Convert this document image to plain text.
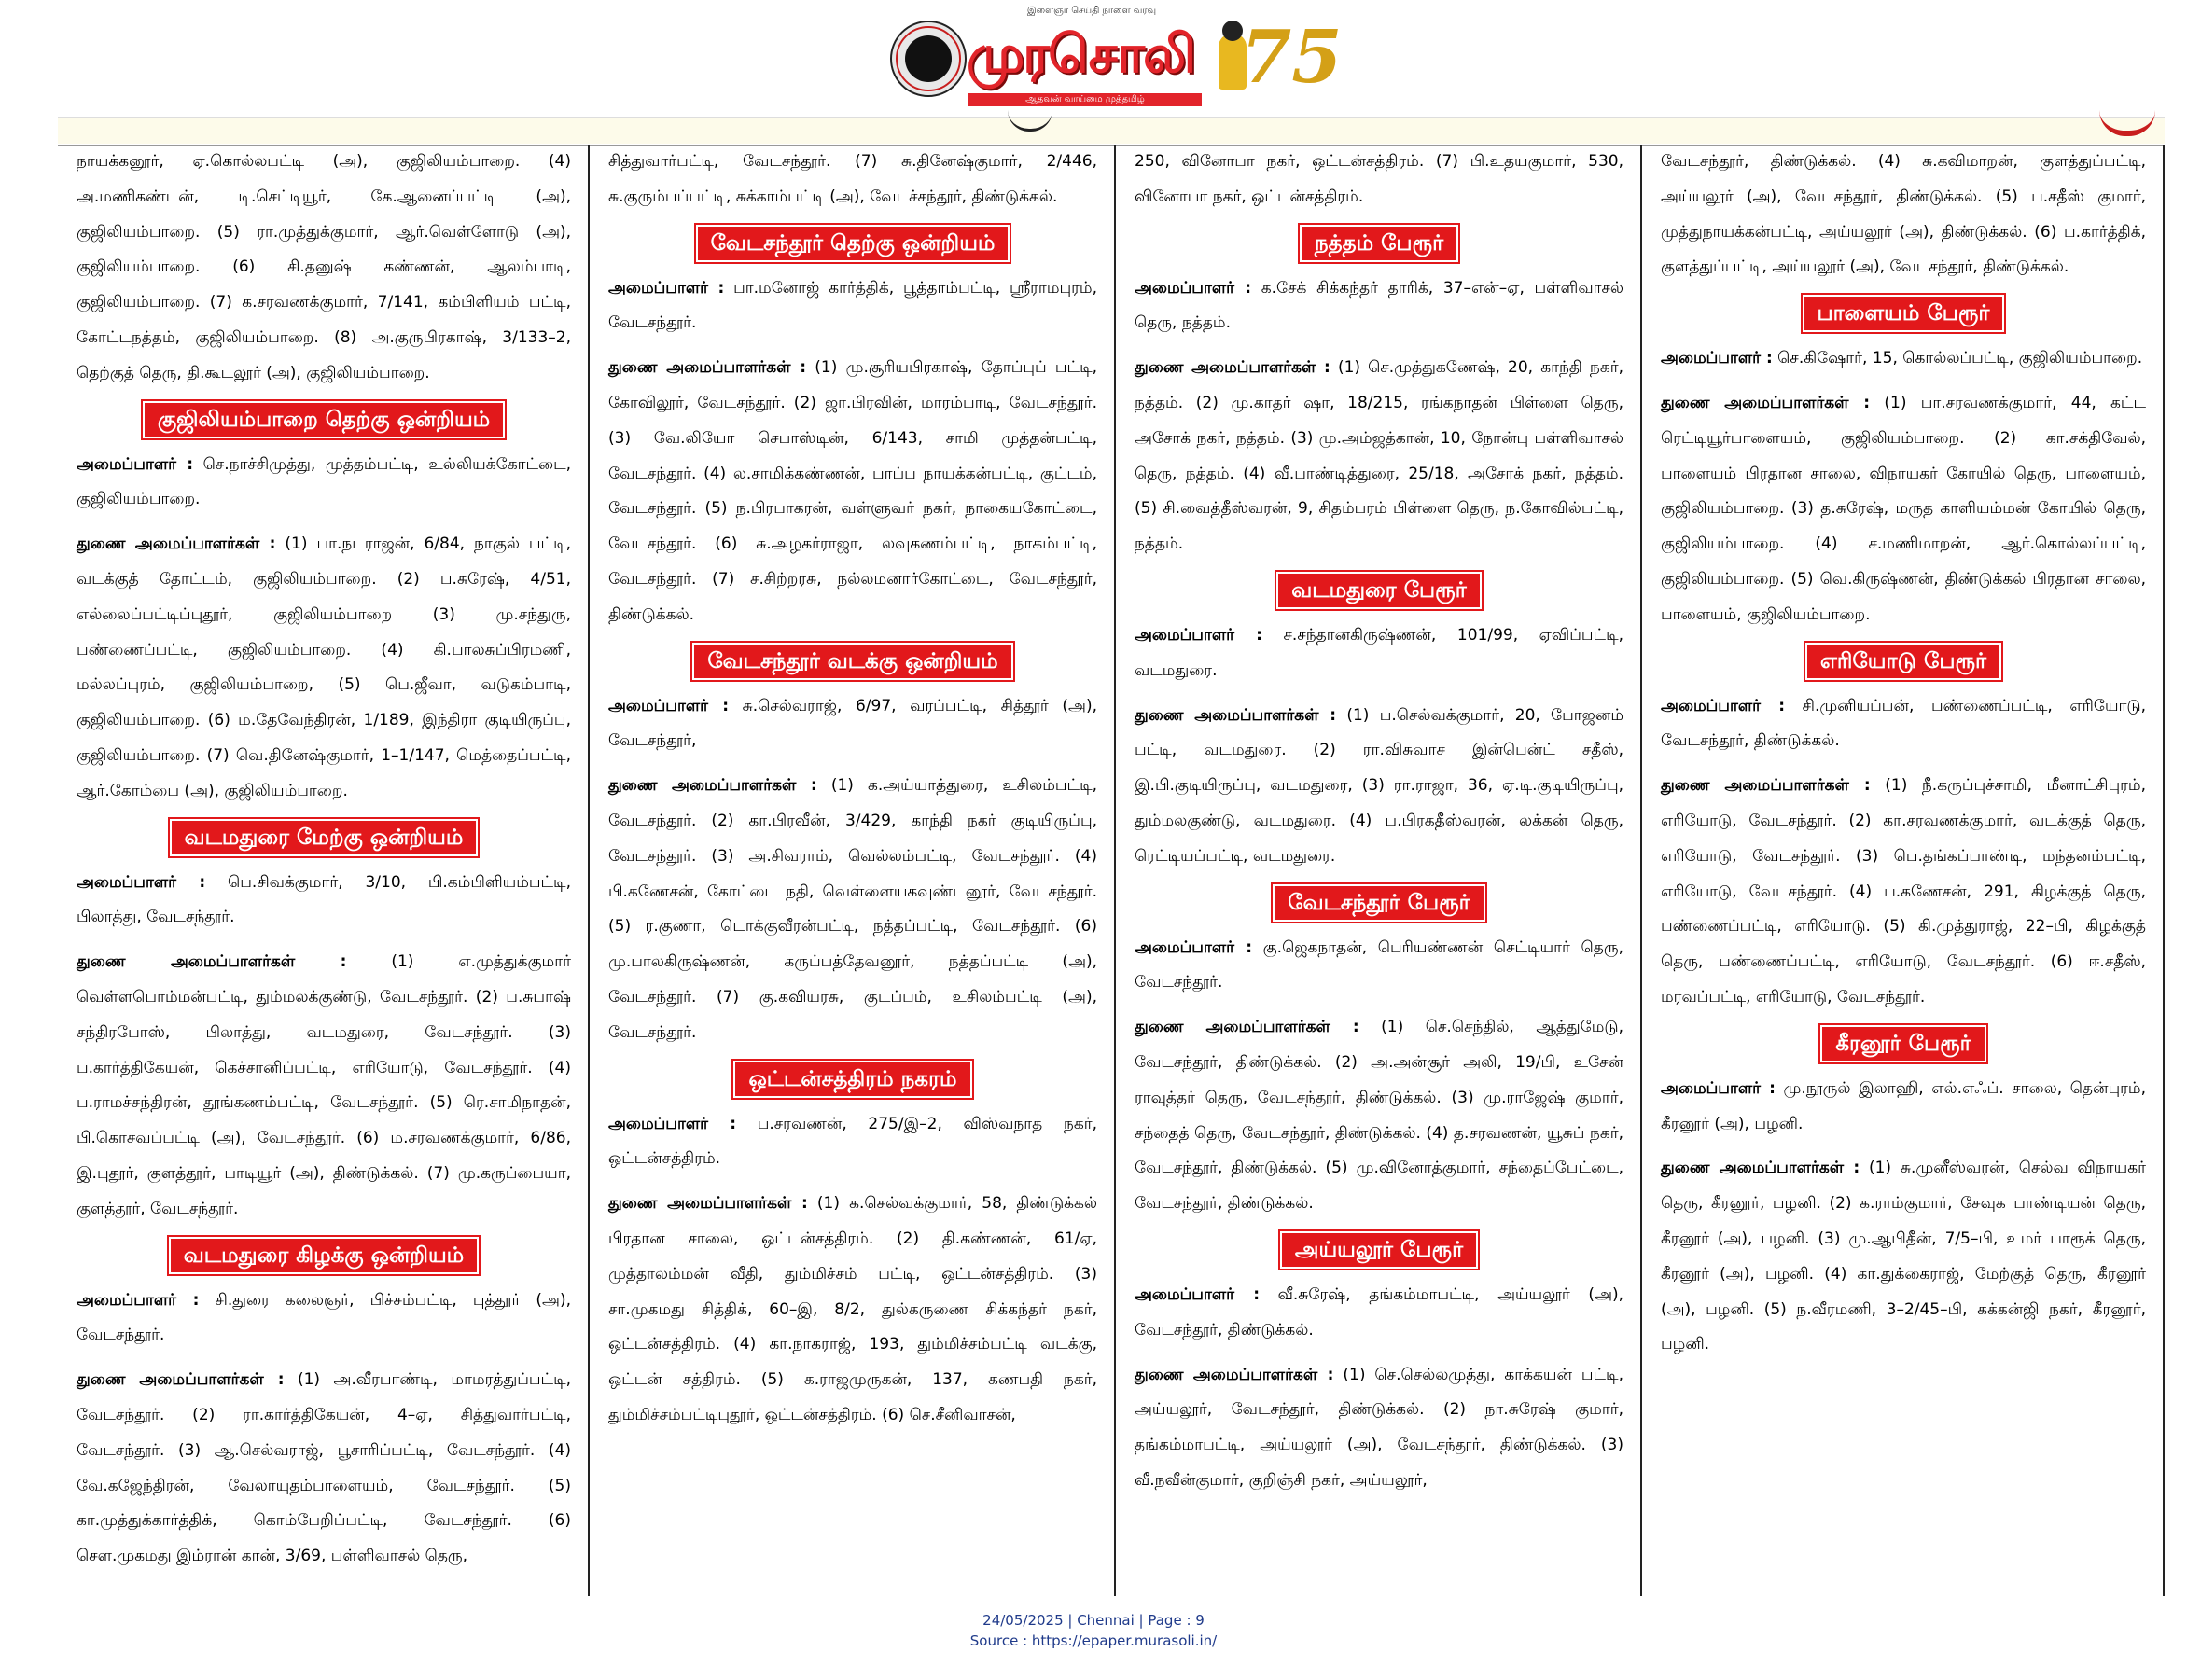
இளைஞர் செய்தி நாளை வரவு
முரசொலி
ஆதவன் வாய்மை முத்தமிழ்	75

நாயக்கனூர், ஏ.கொல்லபட்டி (அ), குஜிலியம்பாறை. (4) அ.மணிகண்டன், டி.செட்டியூர், கே.ஆனைப்பட்டி (அ), குஜிலியம்பாறை. (5) ரா.முத்துக்குமார், ஆர்.வெள்ளோடு (அ), குஜிலியம்பாறை. (6) சி.தனுஷ் கண்ணன், ஆலம்பாடி, குஜிலியம்பாறை. (7) க.சரவணக்குமார், 7/141, கம்பிளியம் பட்டி, கோட்டநத்தம், குஜிலியம்பாறை. (8) அ.குருபிரகாஷ், 3/133–2, தெற்குத் தெரு, தி.கூடலூர் (அ), குஜிலியம்பாறை.

குஜிலியம்பாறை தெற்கு ஒன்றியம்

அமைப்பாளர் : செ.நாச்சிமுத்து, முத்தம்பட்டி, உல்லியக்கோட்டை, குஜிலியம்பாறை.

துணை அமைப்பாளர்கள் : (1) பா.நடராஜன், 6/84, நாகுல் பட்டி, வடக்குத் தோட்டம், குஜிலியம்பாறை. (2) ப.சுரேஷ், 4/51, எல்லைப்பட்டிப்புதூர், குஜிலியம்பாறை (3) மு.சந்துரு, பண்ணைப்பட்டி, குஜிலியம்பாறை. (4) கி.பாலசுப்பிரமணி, மல்லப்புரம், குஜிலியம்பாறை, (5) பெ.ஜீவா, வடுகம்பாடி, குஜிலியம்பாறை. (6) ம.தேவேந்திரன், 1/189, இந்திரா குடியிருப்பு, குஜிலியம்பாறை. (7) வெ.தினேஷ்குமார், 1–1/147, மெத்தைப்பட்டி, ஆர்.கோம்பை (அ), குஜிலியம்பாறை.

வடமதுரை மேற்கு ஒன்றியம்

அமைப்பாளர் : பெ.சிவக்குமார், 3/10, பி.கம்பிளியம்பட்டி, பிலாத்து, வேடசந்தூர்.

துணை அமைப்பாளர்கள் : (1) எ.முத்துக்குமார் வெள்ளபொம்மன்பட்டி, தும்மலக்குண்டு, வேடசந்தூர். (2) ப.சுபாஷ் சந்திரபோஸ், பிலாத்து, வடமதுரை, வேடசந்தூர். (3) ப.கார்த்திகேயன், கெச்சானிப்பட்டி, எரியோடு, வேடசந்தூர். (4) ப.ராமச்சந்திரன், தூங்கணம்பட்டி, வேடசந்தூர். (5) ரெ.சாமிநாதன், பி.கொசவப்பட்டி (அ), வேடசந்தூர். (6) ம.சரவணக்குமார், 6/86, இ.புதூர், குளத்தூர், பாடியூர் (அ), திண்டுக்கல். (7) மு.கருப்பையா, குளத்தூர், வேடசந்தூர்.

வடமதுரை கிழக்கு ஒன்றியம்

அமைப்பாளர் : சி.துரை கலைஞர், பிச்சம்பட்டி, புத்தூர் (அ), வேடசந்தூர்.

துணை அமைப்பாளர்கள் : (1) அ.வீரபாண்டி, மாமரத்துப்பட்டி, வேடசந்தூர். (2) ரா.கார்த்திகேயன், 4–ஏ, சித்துவார்பட்டி, வேடசந்தூர். (3) ஆ.செல்வராஜ், பூசாரிப்பட்டி, வேடசந்தூர். (4) வே.கஜேந்திரன், வேலாயுதம்பாளையம், வேடசந்தூர். (5) கா.முத்துக்கார்த்திக், கொம்பேறிப்பட்டி, வேடசந்தூர். (6) சௌ.முகமது இம்ரான் கான், 3/69, பள்ளிவாசல் தெரு,

சித்துவார்பட்டி, வேடசந்தூர். (7) சு.தினேஷ்குமார், 2/446, சு.குரும்பப்பட்டி, சுக்காம்பட்டி (அ), வேடச்சந்தூர், திண்டுக்கல்.

வேடசந்தூர் தெற்கு ஒன்றியம்

அமைப்பாளர் : பா.மனோஜ் கார்த்திக், பூத்தாம்பட்டி, ஸ்ரீராமபுரம், வேடசந்தூர்.

துணை அமைப்பாளர்கள் : (1) மு.சூரியபிரகாஷ், தோப்புப் பட்டி, கோவிலூர், வேடசந்தூர். (2) ஜா.பிரவின், மாரம்பாடி, வேடசந்தூர். (3) வே.லியோ செபாஸ்டின், 6/143, சாமி முத்தன்பட்டி, வேடசந்தூர். (4) ல.சாமிக்கண்ணன், பாப்ப நாயக்கன்பட்டி, குட்டம், வேடசந்தூர். (5) ந.பிரபாகரன், வள்ளுவர் நகர், நாகையகோட்டை, வேடசந்தூர். (6) சு.அழகர்ராஜா, லவுகணம்பட்டி, நாகம்பட்டி, வேடசந்தூர். (7) ச.சிற்றரசு, நல்லமனார்கோட்டை, வேடசந்தூர், திண்டுக்கல்.

வேடசந்தூர் வடக்கு ஒன்றியம்

அமைப்பாளர் : சு.செல்வராஜ், 6/97, வரப்பட்டி, சித்தூர் (அ), வேடசந்தூர்,

துணை அமைப்பாளர்கள் : (1) க.அய்யாத்துரை, உசிலம்பட்டி, வேடசந்தூர். (2) கா.பிரவீன், 3/429, காந்தி நகர் குடியிருப்பு, வேடசந்தூர். (3) அ.சிவராம், வெல்லம்பட்டி, வேடசந்தூர். (4) பி.கணேசன், கோட்டை நதி, வெள்ளையகவுண்டனூர், வேடசந்தூர். (5) ர.குணா, டொக்குவீரன்பட்டி, நத்தப்பட்டி, வேடசந்தூர். (6) மு.பாலகிருஷ்ணன், கருப்பத்தேவனூர், நத்தப்பட்டி (அ), வேடசந்தூர். (7) கு.கவியரசு, குடப்பம், உசிலம்பட்டி (அ), வேடசந்தூர்.

ஒட்டன்சத்திரம் நகரம்

அமைப்பாளர் : ப.சரவணன், 275/இ–2, விஸ்வநாத நகர், ஒட்டன்சத்திரம்.

துணை அமைப்பாளர்கள் : (1) க.செல்வக்குமார், 58, திண்டுக்கல் பிரதான சாலை, ஒட்டன்சத்திரம். (2) தி.கண்ணன், 61/ஏ, முத்தாலம்மன் வீதி, தும்மிச்சம் பட்டி, ஒட்டன்சத்திரம். (3) சா.முகமது சித்திக், 60–இ, 8/2, துல்கருணை சிக்கந்தர் நகர், ஒட்டன்சத்திரம். (4) கா.நாகராஜ், 193, தும்மிச்சம்பட்டி வடக்கு, ஒட்டன் சத்திரம். (5) க.ராஜமுருகன், 137, கணபதி நகர், தும்மிச்சம்பட்டிபுதூர், ஒட்டன்சத்திரம். (6) செ.சீனிவாசன்,

250, வினோபா நகர், ஒட்டன்சத்திரம். (7) பி.உதயகுமார், 530, வினோபா நகர், ஒட்டன்சத்திரம்.

நத்தம் பேரூர்

அமைப்பாளர் : க.சேக் சிக்கந்தர் தாரிக், 37–என்–ஏ, பள்ளிவாசல் தெரு, நத்தம்.

துணை அமைப்பாளர்கள் : (1) செ.முத்துகணேஷ், 20, காந்தி நகர், நத்தம். (2) மு.காதர் ஷா, 18/215, ரங்கநாதன் பிள்ளை தெரு, அசோக் நகர், நத்தம். (3) மு.அம்ஜத்கான், 10, நோன்பு பள்ளிவாசல் தெரு, நத்தம். (4) வீ.பாண்டித்துரை, 25/18, அசோக் நகர், நத்தம். (5) சி.வைத்தீஸ்வரன், 9, சிதம்பரம் பிள்ளை தெரு, ந.கோவில்பட்டி, நத்தம்.

வடமதுரை பேரூர்

அமைப்பாளர் : ச.சந்தானகிருஷ்ணன், 101/99, ஏவிப்பட்டி, வடமதுரை.

துணை அமைப்பாளர்கள் : (1) ப.செல்வக்குமார், 20, போஜனம் பட்டி, வடமதுரை. (2) ரா.விசுவாச இன்பென்ட் சதீஸ், இ.பி.குடியிருப்பு, வடமதுரை, (3) ரா.ராஜா, 36, ஏ.டி.குடியிருப்பு, தும்மலகுண்டு, வடமதுரை. (4) ப.பிரகதீஸ்வரன், லக்கன் தெரு, ரெட்டியப்பட்டி, வடமதுரை.

வேடசந்தூர் பேரூர்

அமைப்பாளர் : கு.ஜெகநாதன், பெரியண்ணன் செட்டியார் தெரு, வேடசந்தூர்.

துணை அமைப்பாளர்கள் : (1) செ.செந்தில், ஆத்துமேடு, வேடசந்தூர், திண்டுக்கல். (2) அ.அன்சூர் அலி, 19/பி, உசேன் ராவுத்தர் தெரு, வேடசந்தூர், திண்டுக்கல். (3) மு.ராஜேஷ் குமார், சந்தைத் தெரு, வேடசந்தூர், திண்டுக்கல். (4) த.சரவணன், யூசுப் நகர், வேடசந்தூர், திண்டுக்கல். (5) மு.வினோத்குமார், சந்தைப்பேட்டை, வேடசந்தூர், திண்டுக்கல்.

அய்யலூர் பேரூர்

அமைப்பாளர் : வீ.சுரேஷ், தங்கம்மாபட்டி, அய்யலூர் (அ), வேடசந்தூர், திண்டுக்கல்.

துணை அமைப்பாளர்கள் : (1) செ.செல்லமுத்து, காக்கயன் பட்டி, அய்யலூர், வேடசந்தூர், திண்டுக்கல். (2) நா.சுரேஷ் குமார், தங்கம்மாபட்டி, அய்யலூர் (அ), வேடசந்தூர், திண்டுக்கல். (3) வீ.நவீன்குமார், குறிஞ்சி நகர், அய்யலூர்,

வேடசந்தூர், திண்டுக்கல். (4) சு.கவிமாறன், குளத்துப்பட்டி, அய்யலூர் (அ), வேடசந்தூர், திண்டுக்கல். (5) ப.சதீஸ் குமார், முத்துநாயக்கன்பட்டி, அய்யலூர் (அ), திண்டுக்கல். (6) ப.கார்த்திக், குளத்துப்பட்டி, அய்யலூர் (அ), வேடசந்தூர், திண்டுக்கல்.

பாளையம் பேரூர்

அமைப்பாளர் : செ.கிஷோர், 15, கொல்லப்பட்டி, குஜிலியம்பாறை.

துணை அமைப்பாளர்கள் : (1) பா.சரவணக்குமார், 44, கட்ட ரெட்டியூர்பாளையம், குஜிலியம்பாறை. (2) கா.சக்திவேல், பாளையம் பிரதான சாலை, விநாயகர் கோயில் தெரு, பாளையம், குஜிலியம்பாறை. (3) த.சுரேஷ், மருத காளியம்மன் கோயில் தெரு, குஜிலியம்பாறை. (4) ச.மணிமாறன், ஆர்.கொல்லப்பட்டி, குஜிலியம்பாறை. (5) வெ.கிருஷ்ணன், திண்டுக்கல் பிரதான சாலை, பாளையம், குஜிலியம்பாறை.

எரியோடு பேரூர்

அமைப்பாளர் : சி.முனியப்பன், பண்ணைப்பட்டி, எரியோடு, வேடசந்தூர், திண்டுக்கல்.

துணை அமைப்பாளர்கள் : (1) நீ.கருப்புச்சாமி, மீனாட்சிபுரம், எரியோடு, வேடசந்தூர். (2) கா.சரவணக்குமார், வடக்குத் தெரு, எரியோடு, வேடசந்தூர். (3) பெ.தங்கப்பாண்டி, மந்தனம்பட்டி, எரியோடு, வேடசந்தூர். (4) ப.கணேசன், 291, கிழக்குத் தெரு, பண்ணைப்பட்டி, எரியோடு. (5) கி.முத்துராஜ், 22–பி, கிழக்குத் தெரு, பண்ணைப்பட்டி, எரியோடு, வேடசந்தூர். (6) ஈ.சதீஸ், மரவப்பட்டி, எரியோடு, வேடசந்தூர்.

கீரனூர் பேரூர்

அமைப்பாளர் : மு.நூருல் இலாஹி, எல்.எஃப். சாலை, தென்புரம், கீரனூர் (அ), பழனி.

துணை அமைப்பாளர்கள் : (1) சு.முனீஸ்வரன், செல்வ விநாயகர் தெரு, கீரனூர், பழனி. (2) க.ராம்குமார், சேவுக பாண்டியன் தெரு, கீரனூர் (அ), பழனி. (3) மு.ஆபிதீன், 7/5–பி, உமர் பாரூக் தெரு, கீரனூர் (அ), பழனி. (4) கா.துக்கைராஜ், மேற்குத் தெரு, கீரனூர் (அ), பழனி. (5) ந.வீரமணி, 3–2/45–பி, கக்கன்ஜி நகர், கீரனூர், பழனி.

24/05/2025 | Chennai | Page : 9
Source : https://epaper.murasoli.in/
